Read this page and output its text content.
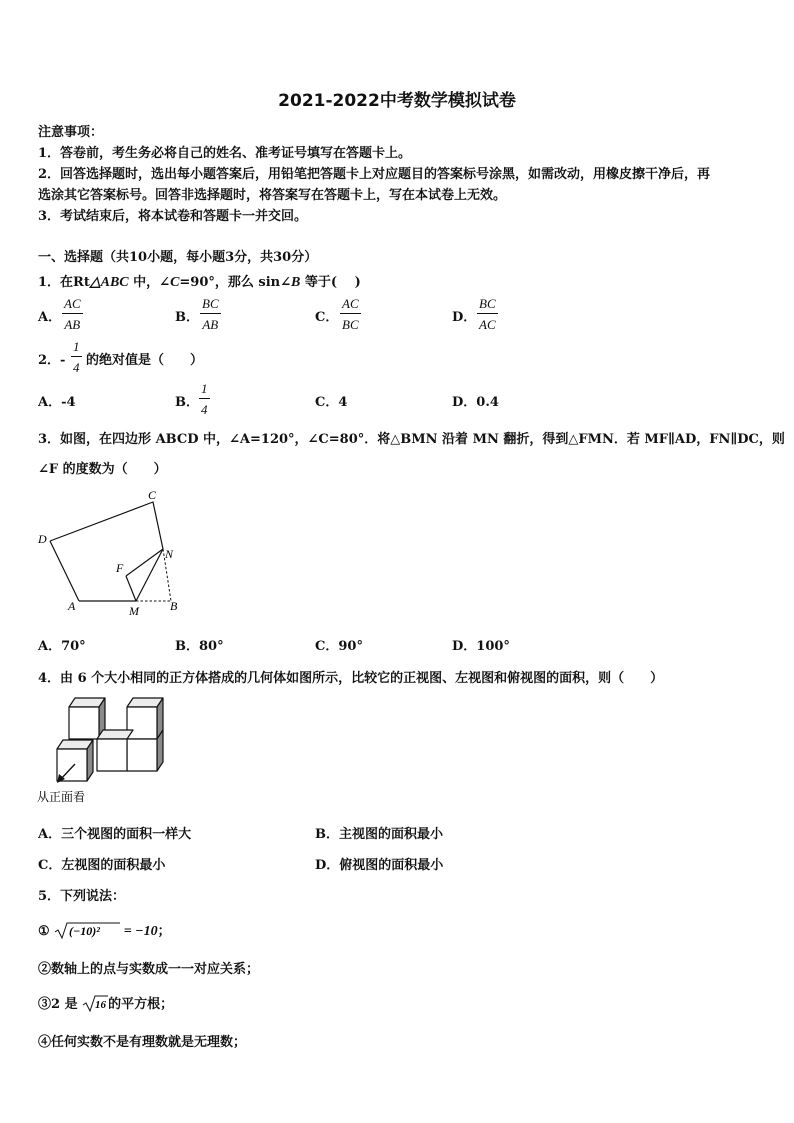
2021-2022中考数学模拟试卷
注意事项：
1．答卷前，考生务必将自己的姓名、准考证号填写在答题卡上。
2．回答选择题时，选出每小题答案后，用铅笔把答题卡上对应题目的答案标号涂黑，如需改动，用橡皮擦干净后，再
选涂其它答案标号。回答非选择题时，将答案写在答题卡上，写在本试卷上无效。
3．考试结束后，将本试卷和答题卡一并交回。
一、选择题（共10小题，每小题3分，共30分）
1．在Rt△ABC 中，∠C=90°，那么 sin∠B 等于(　 )
A． $\frac{AC}{AB}$	B． $\frac{BC}{AB}$	C． $\frac{AC}{BC}$	D． $\frac{BC}{AC}$
2．- $\frac{1}{4}$ 的绝对值是（　　）
A．-4	B． $\frac{1}{4}$	C．4	D．0.4
3．如图，在四边形 ABCD 中，∠A=120°，∠C=80°．将△BMN 沿着 MN 翻折，得到△FMN．若 MF∥AD，FN∥DC，则
∠F 的度数为（　　）
C
D
N
F
A	M	B
A．70°	B．80°	C．90°	D．100°
4．由 6 个大小相同的正方体搭成的几何体如图所示，比较它的正视图、左视图和俯视图的面积，则（　　）
从正面看
A．三个视图的面积一样大	B．主视图的面积最小
C．左视图的面积最小	D．俯视图的面积最小
5．下列说法：
① (−10)² = −10；
②数轴上的点与实数成一一对应关系；
③2 是 16 的平方根；
④任何实数不是有理数就是无理数；
